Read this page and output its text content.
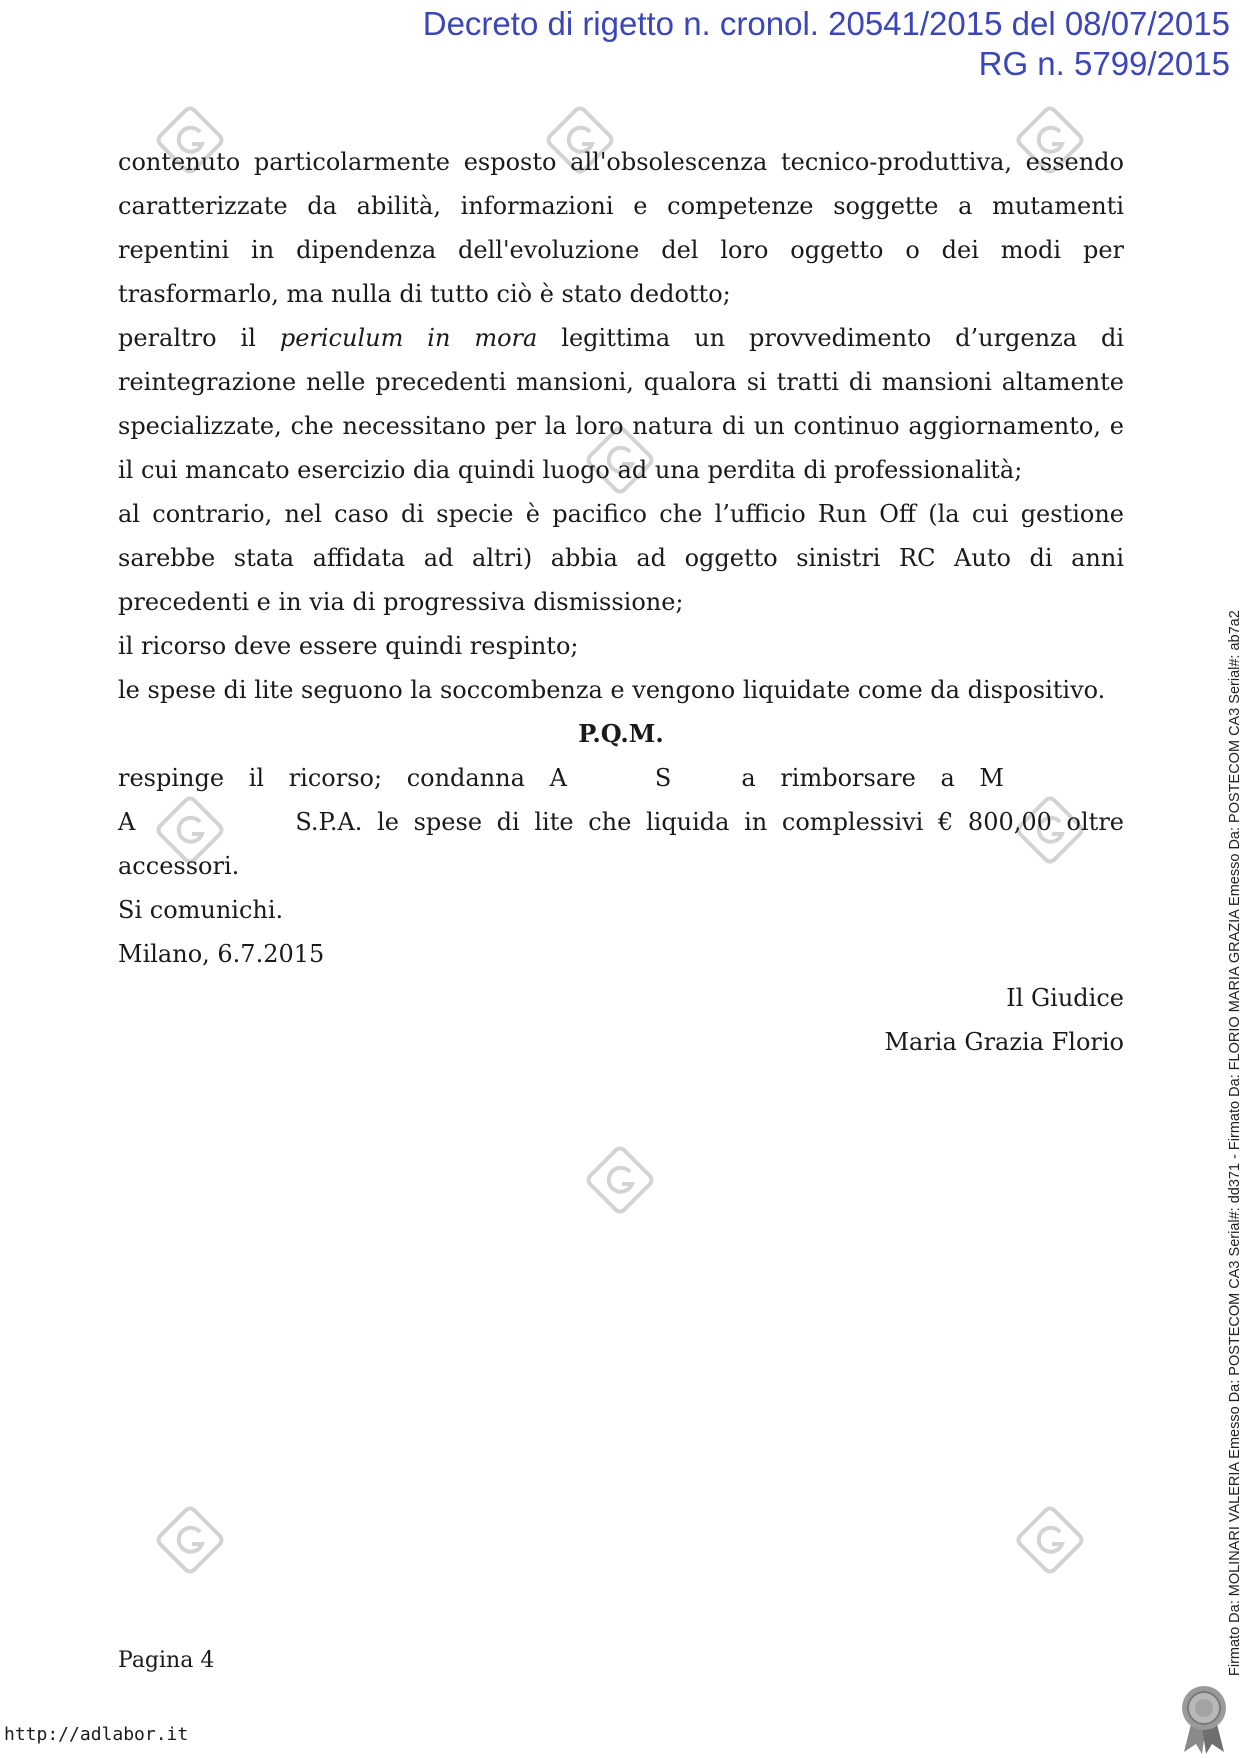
Decreto di rigetto n. cronol. 20541/2015 del 08/07/2015
RG n. 5799/2015

contenuto particolarmente esposto all'obsolescenza tecnico-produttiva, essendo caratterizzate da abilità, informazioni e competenze soggette a mutamenti repentini in dipendenza dell'evoluzione del loro oggetto o dei modi per trasformarlo, ma nulla di tutto ciò è stato dedotto;

peraltro il periculum in mora legittima un provvedimento d’urgenza di reintegrazione nelle precedenti mansioni, qualora si tratti di mansioni altamente specializzate, che necessitano per la loro natura di un continuo aggiornamento, e il cui mancato esercizio dia quindi luogo ad una perdita di professionalità;

al contrario, nel caso di specie è pacifico che l’ufficio Run Off (la cui gestione sarebbe stata affidata ad altri) abbia ad oggetto sinistri RC Auto di anni precedenti e in via di progressiva dismissione;

il ricorso deve essere quindi respinto;

le spese di lite seguono la soccombenza e vengono liquidate come da dispositivo.

P.Q.M.

respinge il ricorso; condanna A	S	a rimborsare a M

A	S.P.A. le spese di lite che liquida in complessivi € 800,00 oltre

accessori.

Si comunichi.

Milano, 6.7.2015

Il Giudice

Maria Grazia Florio	Firmato Da: MOLINARI VALERIA Emesso Da: POSTECOM CA3 Serial#: dd371 - Firmato Da: FLORIO MARIA GRAZIA Emesso Da: POSTECOM CA3 Serial#: ab7a2
Pagina 4
http://adlabor.it
